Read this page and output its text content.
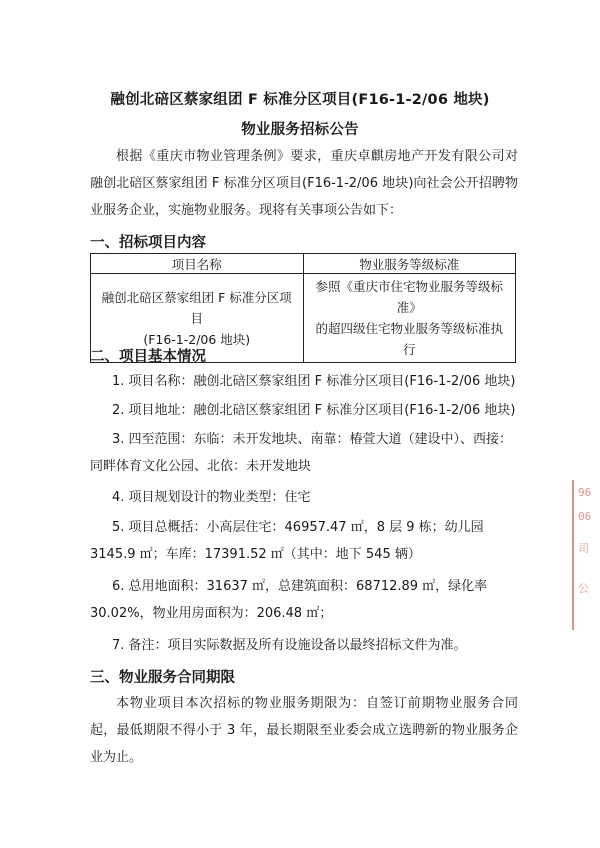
融创北碚区蔡家组团 F 标准分区项目(F16-1-2/06 地块)
物业服务招标公告

根据《重庆市物业管理条例》要求，重庆卓麒房地产开发有限公司对融创北碚区蔡家组团 F 标准分区项目(F16-1-2/06 地块)向社会公开招聘物业服务企业，实施物业服务。现将有关事项公告如下：

一、招标项目内容
项目名称	物业服务等级标准
融创北碚区蔡家组团 F 标准分区项目
(F16-1-2/06 地块)	参照《重庆市住宅物业服务等级标准》
的超四级住宅物业服务等级标准执行
二、项目基本情况

1. 项目名称：融创北碚区蔡家组团 F 标准分区项目(F16-1-2/06 地块)

2. 项目地址：融创北碚区蔡家组团 F 标准分区项目(F16-1-2/06 地块)

3. 四至范围：东临：未开发地块、南靠：椿萱大道（建设中）、西接：同畔体育文化公园、北依：未开发地块

4. 项目规划设计的物业类型：住宅

5. 项目总概括：小高层住宅：46957.47 ㎡，8 层 9 栋；幼儿园 3145.9 ㎡；车库：17391.52 ㎡（其中：地下 545 辆）

6. 总用地面积：31637 ㎡，总建筑面积：68712.89 ㎡，绿化率 30.02%，物业用房面积为：206.48 ㎡；

7. 备注：项目实际数据及所有设施设备以最终招标文件为准。

三、物业服务合同期限

本物业项目本次招标的物业服务期限为：自签订前期物业服务合同起，最低期限不得小于 3 年，最长期限至业委会成立选聘新的物业服务企业为止。

96
06
司
公
